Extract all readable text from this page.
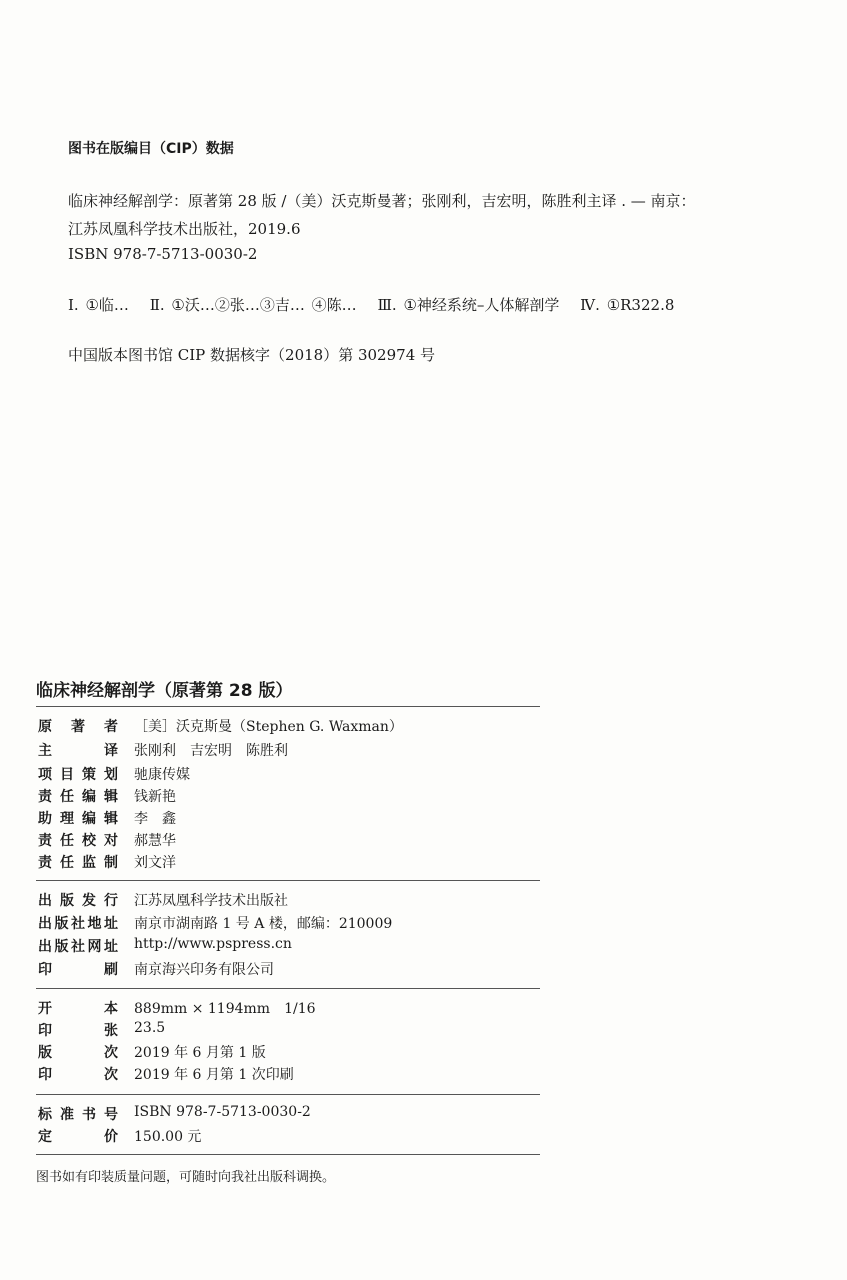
图书在版编目（CIP）数据
临床神经解剖学：原著第 28 版 /（美）沃克斯曼著；张刚利，吉宏明，陈胜利主译 . — 南京：
江苏凤凰科学技术出版社，2019.6
ISBN 978-7-5713-0030-2
Ⅰ. ①临… Ⅱ. ①沃…②张…③吉… ④陈… Ⅲ. ①神经系统–人体解剖学 Ⅳ. ①R322.8
中国版本图书馆 CIP 数据核字（2018）第 302974 号
临床神经解剖学（原著第 28 版）
原著者 ［美］沃克斯曼（Stephen G. Waxman）
主译 张刚利　吉宏明　陈胜利
项目策划 驰康传媒
责任编辑 钱新艳
助理编辑 李　鑫
责任校对 郝慧华
责任监制 刘文洋
出版发行 江苏凤凰科学技术出版社
出版社地址 南京市湖南路 1 号 A 楼，邮编：210009
出版社网址 http://www.pspress.cn
印刷 南京海兴印务有限公司
开本 889mm × 1194mm　1/16
印张 23.5
版次 2019 年 6 月第 1 版
印次 2019 年 6 月第 1 次印刷
标准书号 ISBN 978-7-5713-0030-2
定价 150.00 元
图书如有印装质量问题，可随时向我社出版科调换。
